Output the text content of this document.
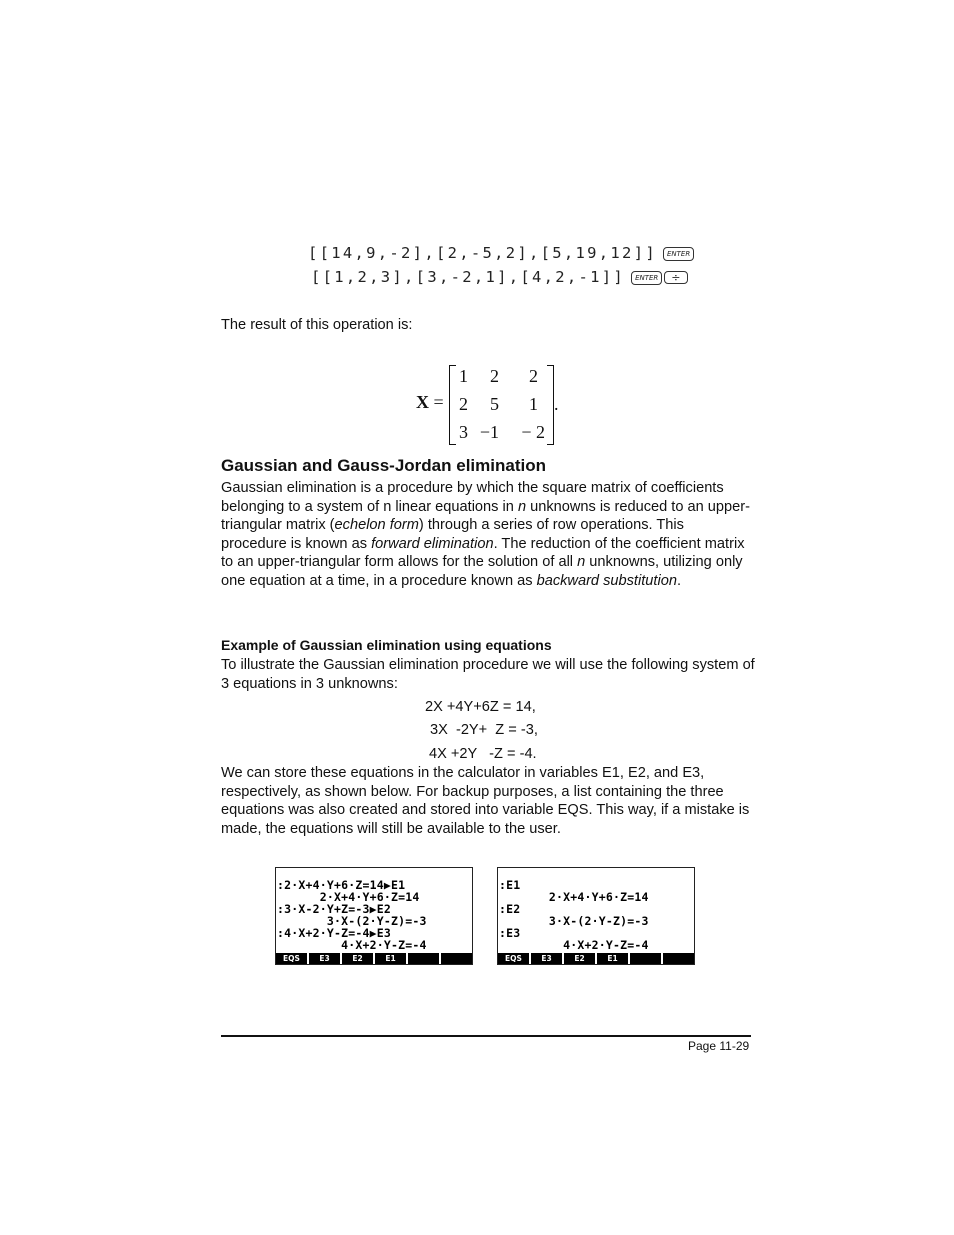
[[14,9,-2],[2,-5,2],[5,19,12]] ENTER
[[1,2,3],[3,-2,1],[4,2,-1]] ENTER ÷

The result of this operation is:

X =
1	2	2
2	5	1
3 −1	− 2
.
Gaussian and Gauss-Jordan elimination

Gaussian elimination is a procedure by which the square matrix of coefficients belonging to a system of n linear equations in n unknowns is reduced to an upper-triangular matrix (echelon form) through a series of row operations. This procedure is known as forward elimination. The reduction of the coefficient matrix to an upper-triangular form allows for the solution of all n unknowns, utilizing only one equation at a time, in a procedure known as backward substitution.

Example of Gaussian elimination using equations

To illustrate the Gaussian elimination procedure we will use the following system of 3 equations in 3 unknowns:

2X +4Y+6Z = 14,
3X  -2Y+  Z = -3,
4X +2Y   -Z = -4.

We can store these equations in the calculator in variables E1, E2, and E3, respectively, as shown below. For backup purposes, a list containing the three equations was also created and stored into variable EQS. This way, if a mistake is made, the equations will still be available to the user.

:2·X+4·Y+6·Z=14▶E1
2·X+4·Y+6·Z=14
:3·X-2·Y+Z=-3▶E2
3·X-(2·Y-Z)=-3
:4·X+2·Y-Z=-4▶E3
4·X+2·Y-Z=-4
EQS	E3	E2	E1
:E1
2·X+4·Y+6·Z=14
:E2
3·X-(2·Y-Z)=-3
:E3
4·X+2·Y-Z=-4
EQS	E3	E2	E1
Page 11-29
